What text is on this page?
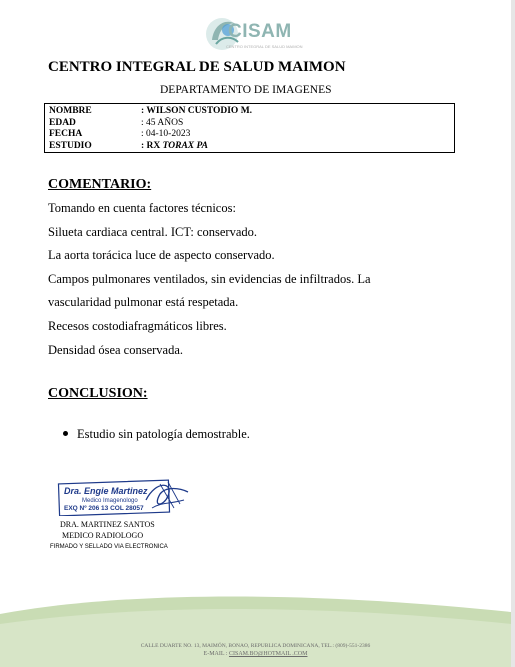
CISAM
CENTRO INTEGRAL DE SALUD MAIMON
CENTRO INTEGRAL DE SALUD MAIMON
DEPARTAMENTO DE IMAGENES
NOMBRE	: WILSON CUSTODIO M.
EDAD	: 45 AÑOS
FECHA	: 04-10-2023
ESTUDIO	: RX TORAX PA
COMENTARIO:
Tomando en cuenta factores técnicos:
Silueta cardiaca central. ICT: conservado.
La aorta torácica luce de aspecto conservado.
Campos pulmonares ventilados, sin evidencias de infiltrados. La
vascularidad pulmonar está respetada.
Recesos costodiafragmáticos libres.
Densidad ósea conservada.
CONCLUSION:
Estudio sin patología demostrable.
Dra. Engie Martinez
Medico Imagenologo
EXQ Nº 206 13 COL 28057
DRA. MARTINEZ SANTOS
MEDICO RADIOLOGO
FIRMADO Y SELLADO VIA ELECTRONICA
CALLE DUARTE NO. 13, MAIMÓN, BONAO, REPUBLICA DOMINICANA, TEL.: (809)-551-2386
E-MAIL : CISAM.BO@HOTMAIL .COM
